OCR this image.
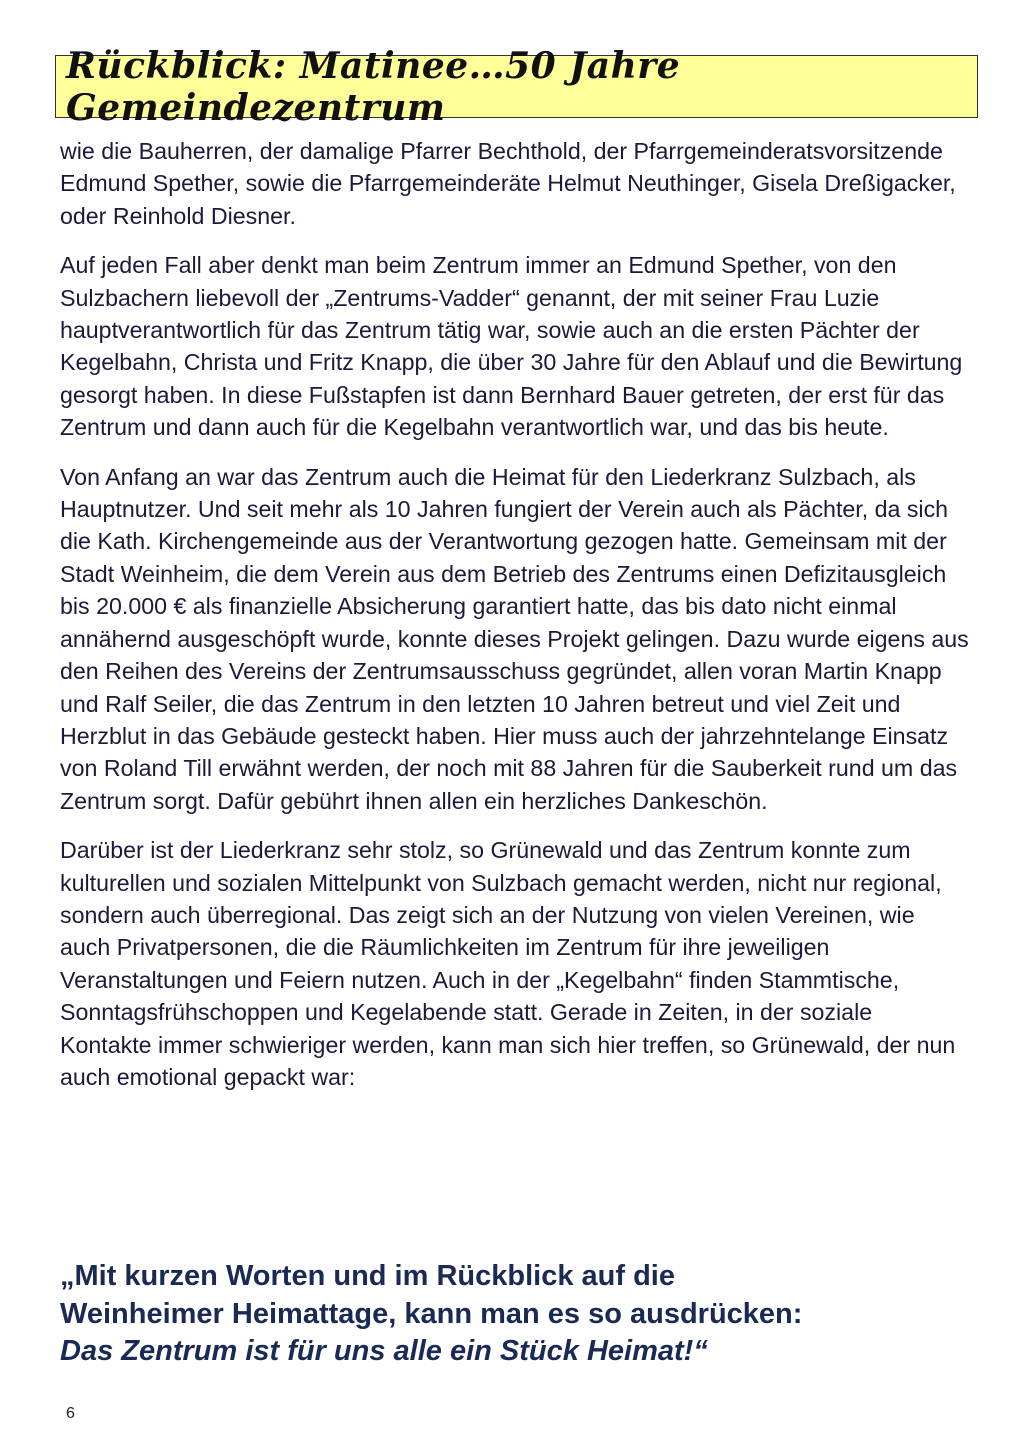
Rückblick: Matinee…50 Jahre Gemeindezentrum

wie die Bauherren, der damalige Pfarrer Bechthold, der Pfarrgemeinderatsvorsitzende Edmund Spether, sowie die Pfarrgemeinderäte Helmut Neuthinger, Gisela Dreßigacker, oder Reinhold Diesner.

Auf jeden Fall aber denkt man beim Zentrum immer an Edmund Spether, von den Sulzbachern liebevoll der „Zentrums-Vadder“ genannt, der mit seiner Frau Luzie hauptverantwortlich für das Zentrum tätig war, sowie auch an die ersten Pächter der Kegelbahn, Christa und Fritz Knapp, die über 30 Jahre für den Ablauf und die Bewirtung gesorgt haben. In diese Fußstapfen ist dann Bernhard Bauer getreten, der erst für das Zentrum und dann auch für die Kegelbahn verantwortlich war, und das bis heute.

Von Anfang an war das Zentrum auch die Heimat für den Liederkranz Sulzbach, als Hauptnutzer. Und seit mehr als 10 Jahren fungiert der Verein auch als Pächter, da sich die Kath. Kirchengemeinde aus der Verantwortung gezogen hatte. Gemeinsam mit der Stadt Weinheim, die dem Verein aus dem Betrieb des Zentrums einen Defizitausgleich bis 20.000 € als finanzielle Absicherung garantiert hatte, das bis dato nicht einmal annähernd ausgeschöpft wurde, konnte dieses Projekt gelingen. Dazu wurde eigens aus den Reihen des Vereins der Zentrumsausschuss gegründet, allen voran Martin Knapp und Ralf Seiler, die das Zentrum in den letzten 10 Jahren betreut und viel Zeit und Herzblut in das Gebäude gesteckt haben. Hier muss auch der jahrzehntelange Einsatz von Roland Till erwähnt werden, der noch mit 88 Jahren für die Sauberkeit rund um das Zentrum sorgt. Dafür gebührt ihnen allen ein herzliches Dankeschön.

Darüber ist der Liederkranz sehr stolz, so Grünewald und das Zentrum konnte zum kulturellen und sozialen Mittelpunkt von Sulzbach gemacht werden, nicht nur regional, sondern auch überregional. Das zeigt sich an der Nutzung von vielen Vereinen, wie auch Privatpersonen, die die Räumlichkeiten im Zentrum für ihre jeweiligen Veranstaltungen und Feiern nutzen. Auch in der „Kegelbahn“ finden Stammtische, Sonntagsfrühschoppen und Kegelabende statt. Gerade in Zeiten, in der soziale Kontakte immer schwieriger werden, kann man sich hier treffen, so Grünewald, der nun auch emotional gepackt war:

„Mit kurzen Worten und im Rückblick auf die
Weinheimer Heimattage, kann man es so ausdrücken:
Das Zentrum ist für uns alle ein Stück Heimat!“
6
